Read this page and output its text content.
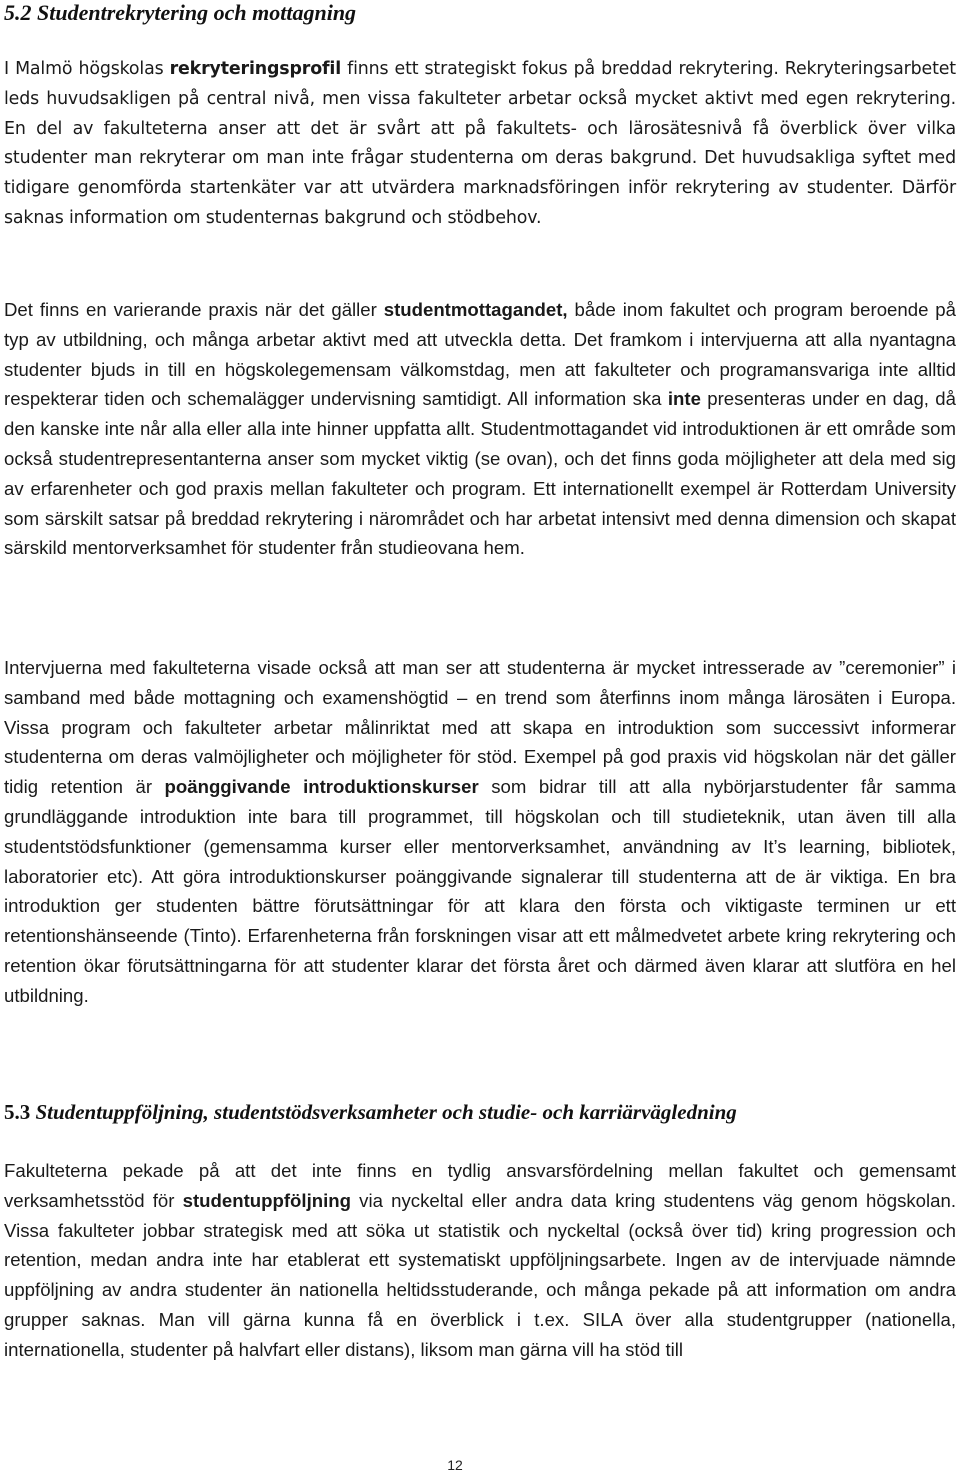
5.2 Studentrekrytering och mottagning

I Malmö högskolas rekryteringsprofil finns ett strategiskt fokus på breddad rekrytering. Rekryteringsarbetet leds huvudsakligen på central nivå, men vissa fakulteter arbetar också mycket aktivt med egen rekrytering. En del av fakulteterna anser att det är svårt att på fakultets- och lärosätesnivå få överblick över vilka studenter man rekryterar om man inte frågar studenterna om deras bakgrund. Det huvudsakliga syftet med tidigare genomförda startenkäter var att utvärdera marknadsföringen inför rekrytering av studenter. Därför saknas information om studenternas bakgrund och stödbehov.

Det finns en varierande praxis när det gäller studentmottagandet, både inom fakultet och program beroende på typ av utbildning, och många arbetar aktivt med att utveckla detta. Det framkom i intervjuerna att alla nyantagna studenter bjuds in till en högskolegemensam välkomstdag, men att fakulteter och programansvariga inte alltid respekterar tiden och schemalägger undervisning samtidigt. All information ska inte presenteras under en dag, då den kanske inte når alla eller alla inte hinner uppfatta allt. Studentmottagandet vid introduktionen är ett område som också studentrepresentanterna anser som mycket viktig (se ovan), och det finns goda möjligheter att dela med sig av erfarenheter och god praxis mellan fakulteter och program. Ett internationellt exempel är Rotterdam University som särskilt satsar på breddad rekrytering i närområdet och har arbetat intensivt med denna dimension och skapat särskild mentorverksamhet för studenter från studieovana hem.

Intervjuerna med fakulteterna visade också att man ser att studenterna är mycket intresserade av ”ceremonier” i samband med både mottagning och examenshögtid – en trend som återfinns inom många lärosäten i Europa. Vissa program och fakulteter arbetar målinriktat med att skapa en introduktion som successivt informerar studenterna om deras valmöjligheter och möjligheter för stöd. Exempel på god praxis vid högskolan när det gäller tidig retention är poänggivande introduktionskurser som bidrar till att alla nybörjarstudenter får samma grundläggande introduktion inte bara till programmet, till högskolan och till studieteknik, utan även till alla studentstödsfunktioner (gemensamma kurser eller mentorverksamhet, användning av It’s learning, bibliotek, laboratorier etc). Att göra introduktionskurser poänggivande signalerar till studenterna att de är viktiga. En bra introduktion ger studenten bättre förutsättningar för att klara den första och viktigaste terminen ur ett retentionshänseende (Tinto). Erfarenheterna från forskningen visar att ett målmedvetet arbete kring rekrytering och retention ökar förutsättningarna för att studenter klarar det första året och därmed även klarar att slutföra en hel utbildning.

5.3 Studentuppföljning, studentstödsverksamheter och studie- och karriärvägledning

Fakulteterna pekade på att det inte finns en tydlig ansvarsfördelning mellan fakultet och gemensamt verksamhetsstöd för studentuppföljning via nyckeltal eller andra data kring studentens väg genom högskolan. Vissa fakulteter jobbar strategisk med att söka ut statistik och nyckeltal (också över tid) kring progression och retention, medan andra inte har etablerat ett systematiskt uppföljningsarbete. Ingen av de intervjuade nämnde uppföljning av andra studenter än nationella heltidsstuderande, och många pekade på att information om andra grupper saknas. Man vill gärna kunna få en överblick i t.ex. SILA över alla studentgrupper (nationella, internationella, studenter på halvfart eller distans), liksom man gärna vill ha stöd till

12
